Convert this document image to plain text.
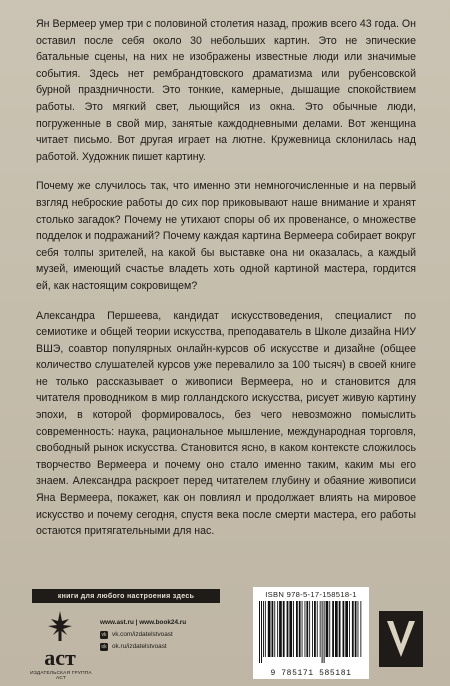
Ян Вермеер умер три с половиной столетия назад, прожив всего 43 года. Он оставил после себя около 30 небольших картин. Это не эпические батальные сцены, на них не изображены известные люди или значимые события. Здесь нет рембрандтовского драматизма или рубенсовской бурной праздничности. Это тонкие, камерные, дышащие спокойствием работы. Это мягкий свет, льющийся из окна. Это обычные люди, погруженные в свой мир, занятые каждодневными делами. Вот женщина читает письмо. Вот другая играет на лютне. Кружевница склонилась над работой. Художник пишет картину.

Почему же случилось так, что именно эти немногочисленные и на первый взгляд неброские работы до сих пор приковывают наше внимание и хранят столько загадок? Почему не утихают споры об их провенансе, о множестве подделок и подражаний? Почему каждая картина Вермеера собирает вокруг себя толпы зрителей, на какой бы выставке она ни оказалась, а каждый музей, имеющий счастье владеть хоть одной картиной мастера, гордится ей, как настоящим сокровищем?

Александра Першеева, кандидат искусствоведения, специалист по семиотике и общей теории искусства, преподаватель в Школе дизайна НИУ ВШЭ, соавтор популярных онлайн-курсов об искусстве и дизайне (общее количество слушателей курсов уже перевалило за 100 тысяч) в своей книге не только рассказывает о живописи Вермеера, но и становится для читателя проводником в мир голландского искусства, рисует живую картину эпохи, в которой формировалось, без чего невозможно помыслить современность: наука, рациональное мышление, международная торговля, свободный рынок искусства. Становится ясно, в каком контексте сложилось творчество Вермеера и почему оно стало именно таким, каким мы его знаем. Александра раскроет перед читателем глубину и обаяние живописи Яна Вермеера, покажет, как он повлиял и продолжает влиять на мировое искусство и почему сегодня, спустя века после смерти мастера, его работы остаются притягательными для нас.

книги для любого настроения здесь
аст
ИЗДАТЕЛЬСКАЯ ГРУППА АСТ
www.ast.ru | www.book24.ru
vk vk.com/izdatelstvoast
ok ok.ru/izdatelstvoast
ISBN 978-5-17-158518-1
9 785171 585181
